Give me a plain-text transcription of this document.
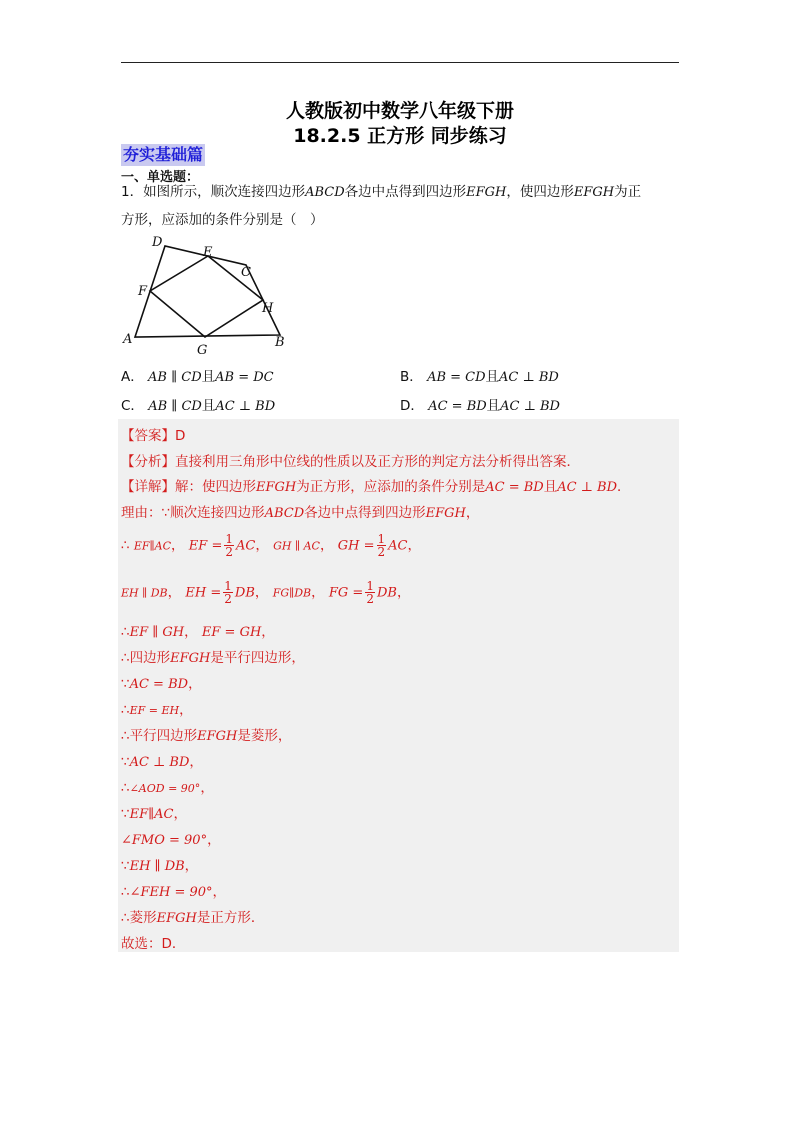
人教版初中数学八年级下册
18.2.5 正方形 同步练习
夯实基础篇
一、单选题：
1．如图所示，顺次连接四边形ABCD各边中点得到四边形EFGH，使四边形EFGH为正
方形，应添加的条件分别是（　）
A	B
C
D
E
F
G
H
A． AB ∥ CD且AB = DC	B． AB = CD且AC ⊥ BD
C． AB ∥ CD且AC ⊥ BD	D． AC = BD且AC ⊥ BD
【答案】D
【分析】直接利用三角形中位线的性质以及正方形的判定方法分析得出答案．
【详解】解：使四边形EFGH为正方形，应添加的条件分别是AC = BD且AC ⊥ BD．
理由：∵顺次连接四边形ABCD各边中点得到四边形EFGH，
∴ EF∥AC， EF = $\frac{1}{2}$ AC， GH ∥ AC， GH = $\frac{1}{2}$ AC，
EH ∥ DB， EH = $\frac{1}{2}$ DB， FG∥DB， FG = $\frac{1}{2}$ DB，
∴EF ∥ GH， EF = GH，
∴四边形EFGH是平行四边形，
∵AC = BD，
∴EF = EH，
∴平行四边形EFGH是菱形，
∵AC ⊥ BD，
∴∠AOD = 90°，
∵EF∥AC，
∠FMO = 90°，
∵EH ∥ DB，
∴∠FEH = 90°，
∴菱形EFGH是正方形．
故选：D．
